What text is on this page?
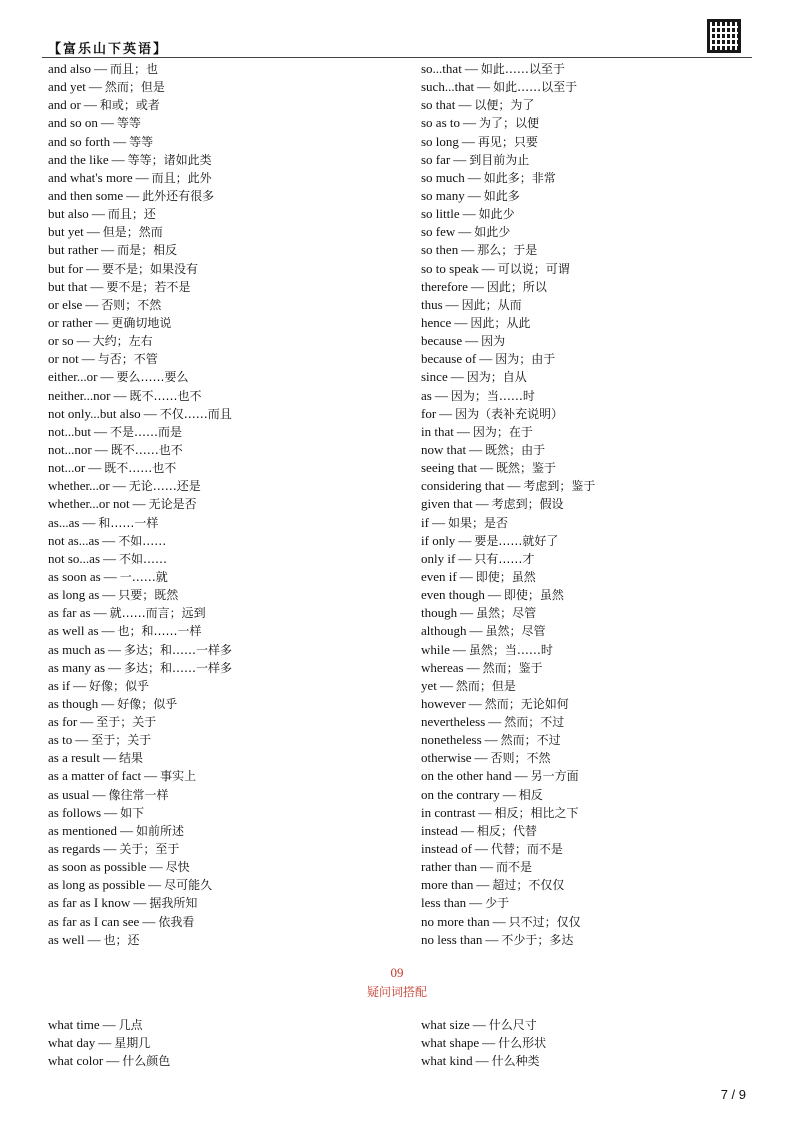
【富乐山下英语】
and also — 而且；也
and yet — 然而；但是
and or — 和或；或者
and so on — 等等
and so forth — 等等
and the like — 等等；诸如此类
and what's more — 而且；此外
and then some — 此外还有很多
but also — 而且；还
but yet — 但是；然而
but rather — 而是；相反
but for — 要不是；如果没有
but that — 要不是；若不是
or else — 否则；不然
or rather — 更确切地说
or so — 大约；左右
or not — 与否；不管
either...or — 要么……要么
neither...nor — 既不……也不
not only...but also — 不仅……而且
not...but — 不是……而是
not...nor — 既不……也不
not...or — 既不……也不
whether...or — 无论……还是
whether...or not — 无论是否
as...as — 和……一样
not as...as — 不如……
not so...as — 不如……
as soon as — 一……就
as long as — 只要；既然
as far as — 就……而言；远到
as well as — 也；和……一样
as much as — 多达；和……一样多
as many as — 多达；和……一样多
as if — 好像；似乎
as though — 好像；似乎
as for — 至于；关于
as to — 至于；关于
as a result — 结果
as a matter of fact — 事实上
as usual — 像往常一样
as follows — 如下
as mentioned — 如前所述
as regards — 关于；至于
as soon as possible — 尽快
as long as possible — 尽可能久
as far as I know — 据我所知
as far as I can see — 依我看
as well — 也；还
so...that — 如此……以至于
such...that — 如此……以至于
so that — 以便；为了
so as to — 为了；以便
so long — 再见；只要
so far — 到目前为止
so much — 如此多；非常
so many — 如此多
so little — 如此少
so few — 如此少
so then — 那么；于是
so to speak — 可以说；可谓
therefore — 因此；所以
thus — 因此；从而
hence — 因此；从此
because — 因为
because of — 因为；由于
since — 因为；自从
as — 因为；当……时
for — 因为（表补充说明）
in that — 因为；在于
now that — 既然；由于
seeing that — 既然；鉴于
considering that — 考虑到；鉴于
given that — 考虑到；假设
if — 如果；是否
if only — 要是……就好了
only if — 只有……才
even if — 即使；虽然
even though — 即使；虽然
though — 虽然；尽管
although — 虽然；尽管
while — 虽然；当……时
whereas — 然而；鉴于
yet — 然而；但是
however — 然而；无论如何
nevertheless — 然而；不过
nonetheless — 然而；不过
otherwise — 否则；不然
on the other hand — 另一方面
on the contrary — 相反
in contrast — 相反；相比之下
instead — 相反；代替
instead of — 代替；而不是
rather than — 而不是
more than — 超过；不仅仅
less than — 少于
no more than — 只不过；仅仅
no less than — 不少于；多达
09
疑问词搭配
what time — 几点
what day — 星期几
what color — 什么颜色
what size — 什么尺寸
what shape — 什么形状
what kind — 什么种类
7 / 9
